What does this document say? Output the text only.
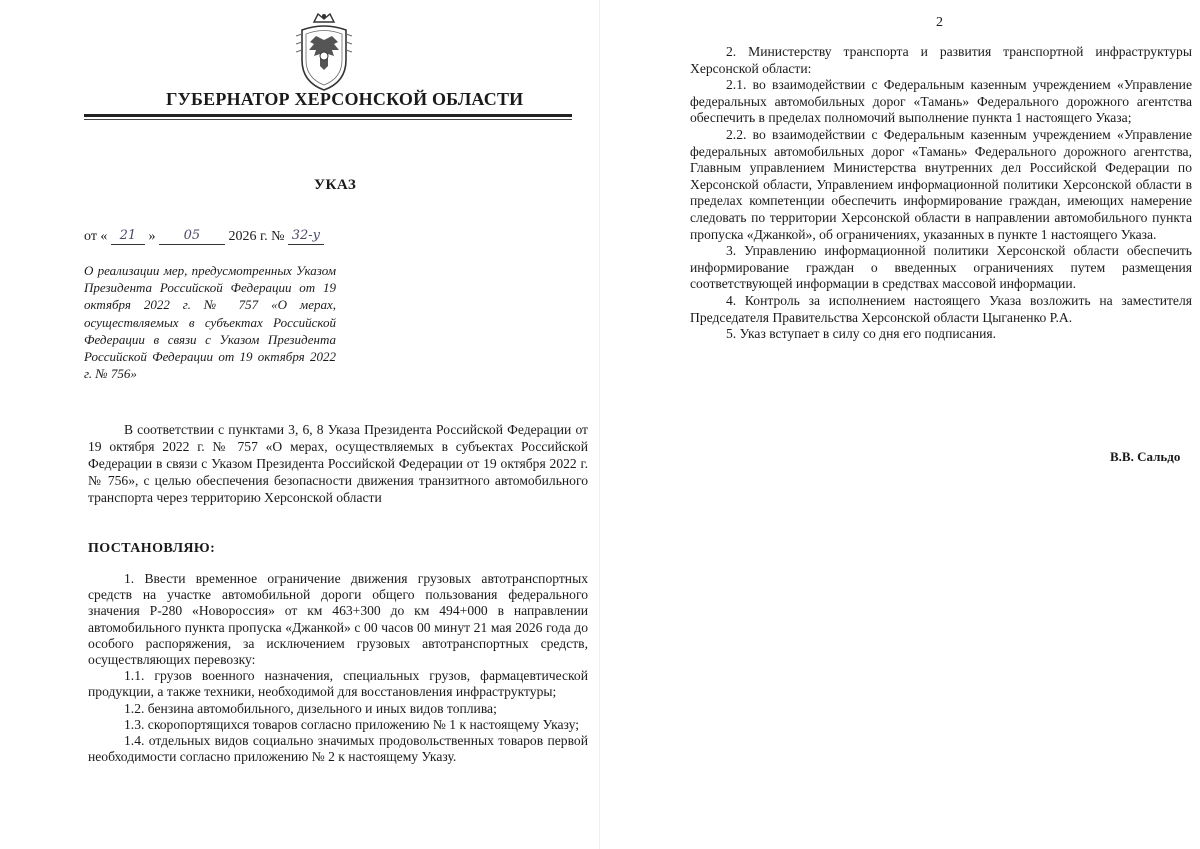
ГУБЕРНАТОР ХЕРСОНСКОЙ ОБЛАСТИ
УКАЗ
от « 21 » 05 2026 г. № 32-у
О реализации мер, предусмотренных Указом Президента Российской Федерации от 19 октября 2022 г. № 757 «О мерах, осуществляемых в субъектах Российской Федерации в связи с Указом Президента Российской Федерации от 19 октября 2022 г. № 756»
В соответствии с пунктами 3, 6, 8 Указа Президента Российской Федерации от 19 октября 2022 г. № 757 «О мерах, осуществляемых в субъектах Российской Федерации в связи с Указом Президента Российской Федерации от 19 октября 2022 г. № 756», с целью обеспечения безопасности движения транзитного автомобильного транспорта через территорию Херсонской области
ПОСТАНОВЛЯЮ:

1. Ввести временное ограничение движения грузовых автотранспортных средств на участке автомобильной дороги общего пользования федерального значения Р-280 «Новороссия» от км 463+300 до км 494+000 в направлении автомобильного пункта пропуска «Джанкой» с 00 часов 00 минут 21 мая 2026 года до особого распоряжения, за исключением грузовых автотранспортных средств, осуществляющих перевозку:

1.1. грузов военного назначения, специальных грузов, фармацевтической продукции, а также техники, необходимой для восстановления инфраструктуры;

1.2. бензина автомобильного, дизельного и иных видов топлива;

1.3. скоропортящихся товаров согласно приложению № 1 к настоящему Указу;

1.4. отдельных видов социально значимых продовольственных товаров первой необходимости согласно приложению № 2 к настоящему Указу.

2

2. Министерству транспорта и развития транспортной инфраструктуры Херсонской области:

2.1. во взаимодействии с Федеральным казенным учреждением «Управление федеральных автомобильных дорог «Тамань» Федерального дорожного агентства обеспечить в пределах полномочий выполнение пункта 1 настоящего Указа;

2.2. во взаимодействии с Федеральным казенным учреждением «Управление федеральных автомобильных дорог «Тамань» Федерального дорожного агентства, Главным управлением Министерства внутренних дел Российской Федерации по Херсонской области, Управлением информационной политики Херсонской области в пределах компетенции обеспечить информирование граждан, имеющих намерение следовать по территории Херсонской области в направлении автомобильного пункта пропуска «Джанкой», об ограничениях, указанных в пункте 1 настоящего Указа.

3. Управлению информационной политики Херсонской области обеспечить информирование граждан о введенных ограничениях путем размещения соответствующей информации в средствах массовой информации.

4. Контроль за исполнением настоящего Указа возложить на заместителя Председателя Правительства Херсонской области Цыганенко Р.А.

5. Указ вступает в силу со дня его подписания.

В.В. Сальдо
